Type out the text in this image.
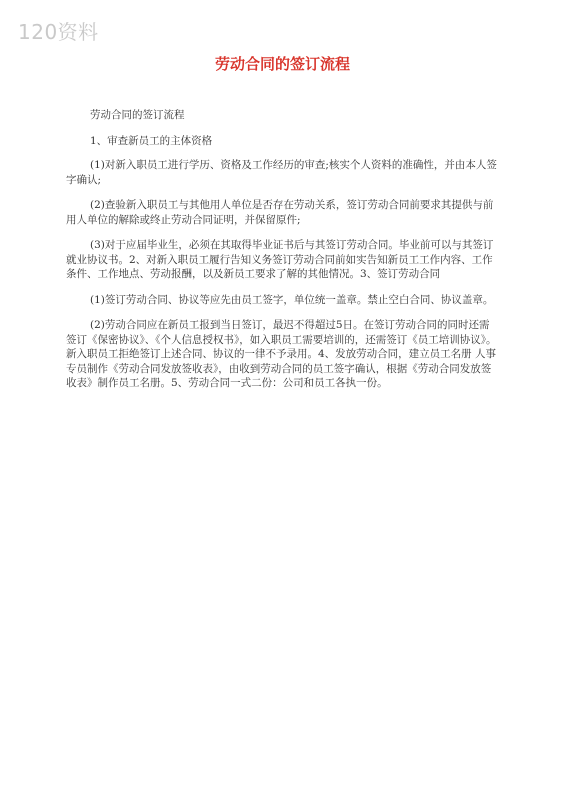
120资料
劳动合同的签订流程

劳动合同的签订流程

1、审查新员工的主体资格

(1)对新入职员工进行学历、资格及工作经历的审查;核实个人资料的准确性，并由本人签字确认;

(2)查验新入职员工与其他用人单位是否存在劳动关系，签订劳动合同前要求其提供与前用人单位的解除或终止劳动合同证明，并保留原件;

(3)对于应届毕业生，必须在其取得毕业证书后与其签订劳动合同。毕业前可以与其签订就业协议书。2、对新入职员工履行告知义务签订劳动合同前如实告知新员工工作内容、工作条件、工作地点、劳动报酬，以及新员工要求了解的其他情况。3、签订劳动合同

(1)签订劳动合同、协议等应先由员工签字，单位统一盖章。禁止空白合同、协议盖章。

(2)劳动合同应在新员工报到当日签订，最迟不得超过5日。在签订劳动合同的同时还需签订《保密协议》、《个人信息授权书》，如入职员工需要培训的，还需签订《员工培训协议》。新入职员工拒绝签订上述合同、协议的一律不予录用。4、发放劳动合同，建立员工名册 人事专员制作《劳动合同发放签收表》，由收到劳动合同的员工签字确认，根据《劳动合同发放签收表》制作员工名册。5、劳动合同一式二份：公司和员工各执一份。
